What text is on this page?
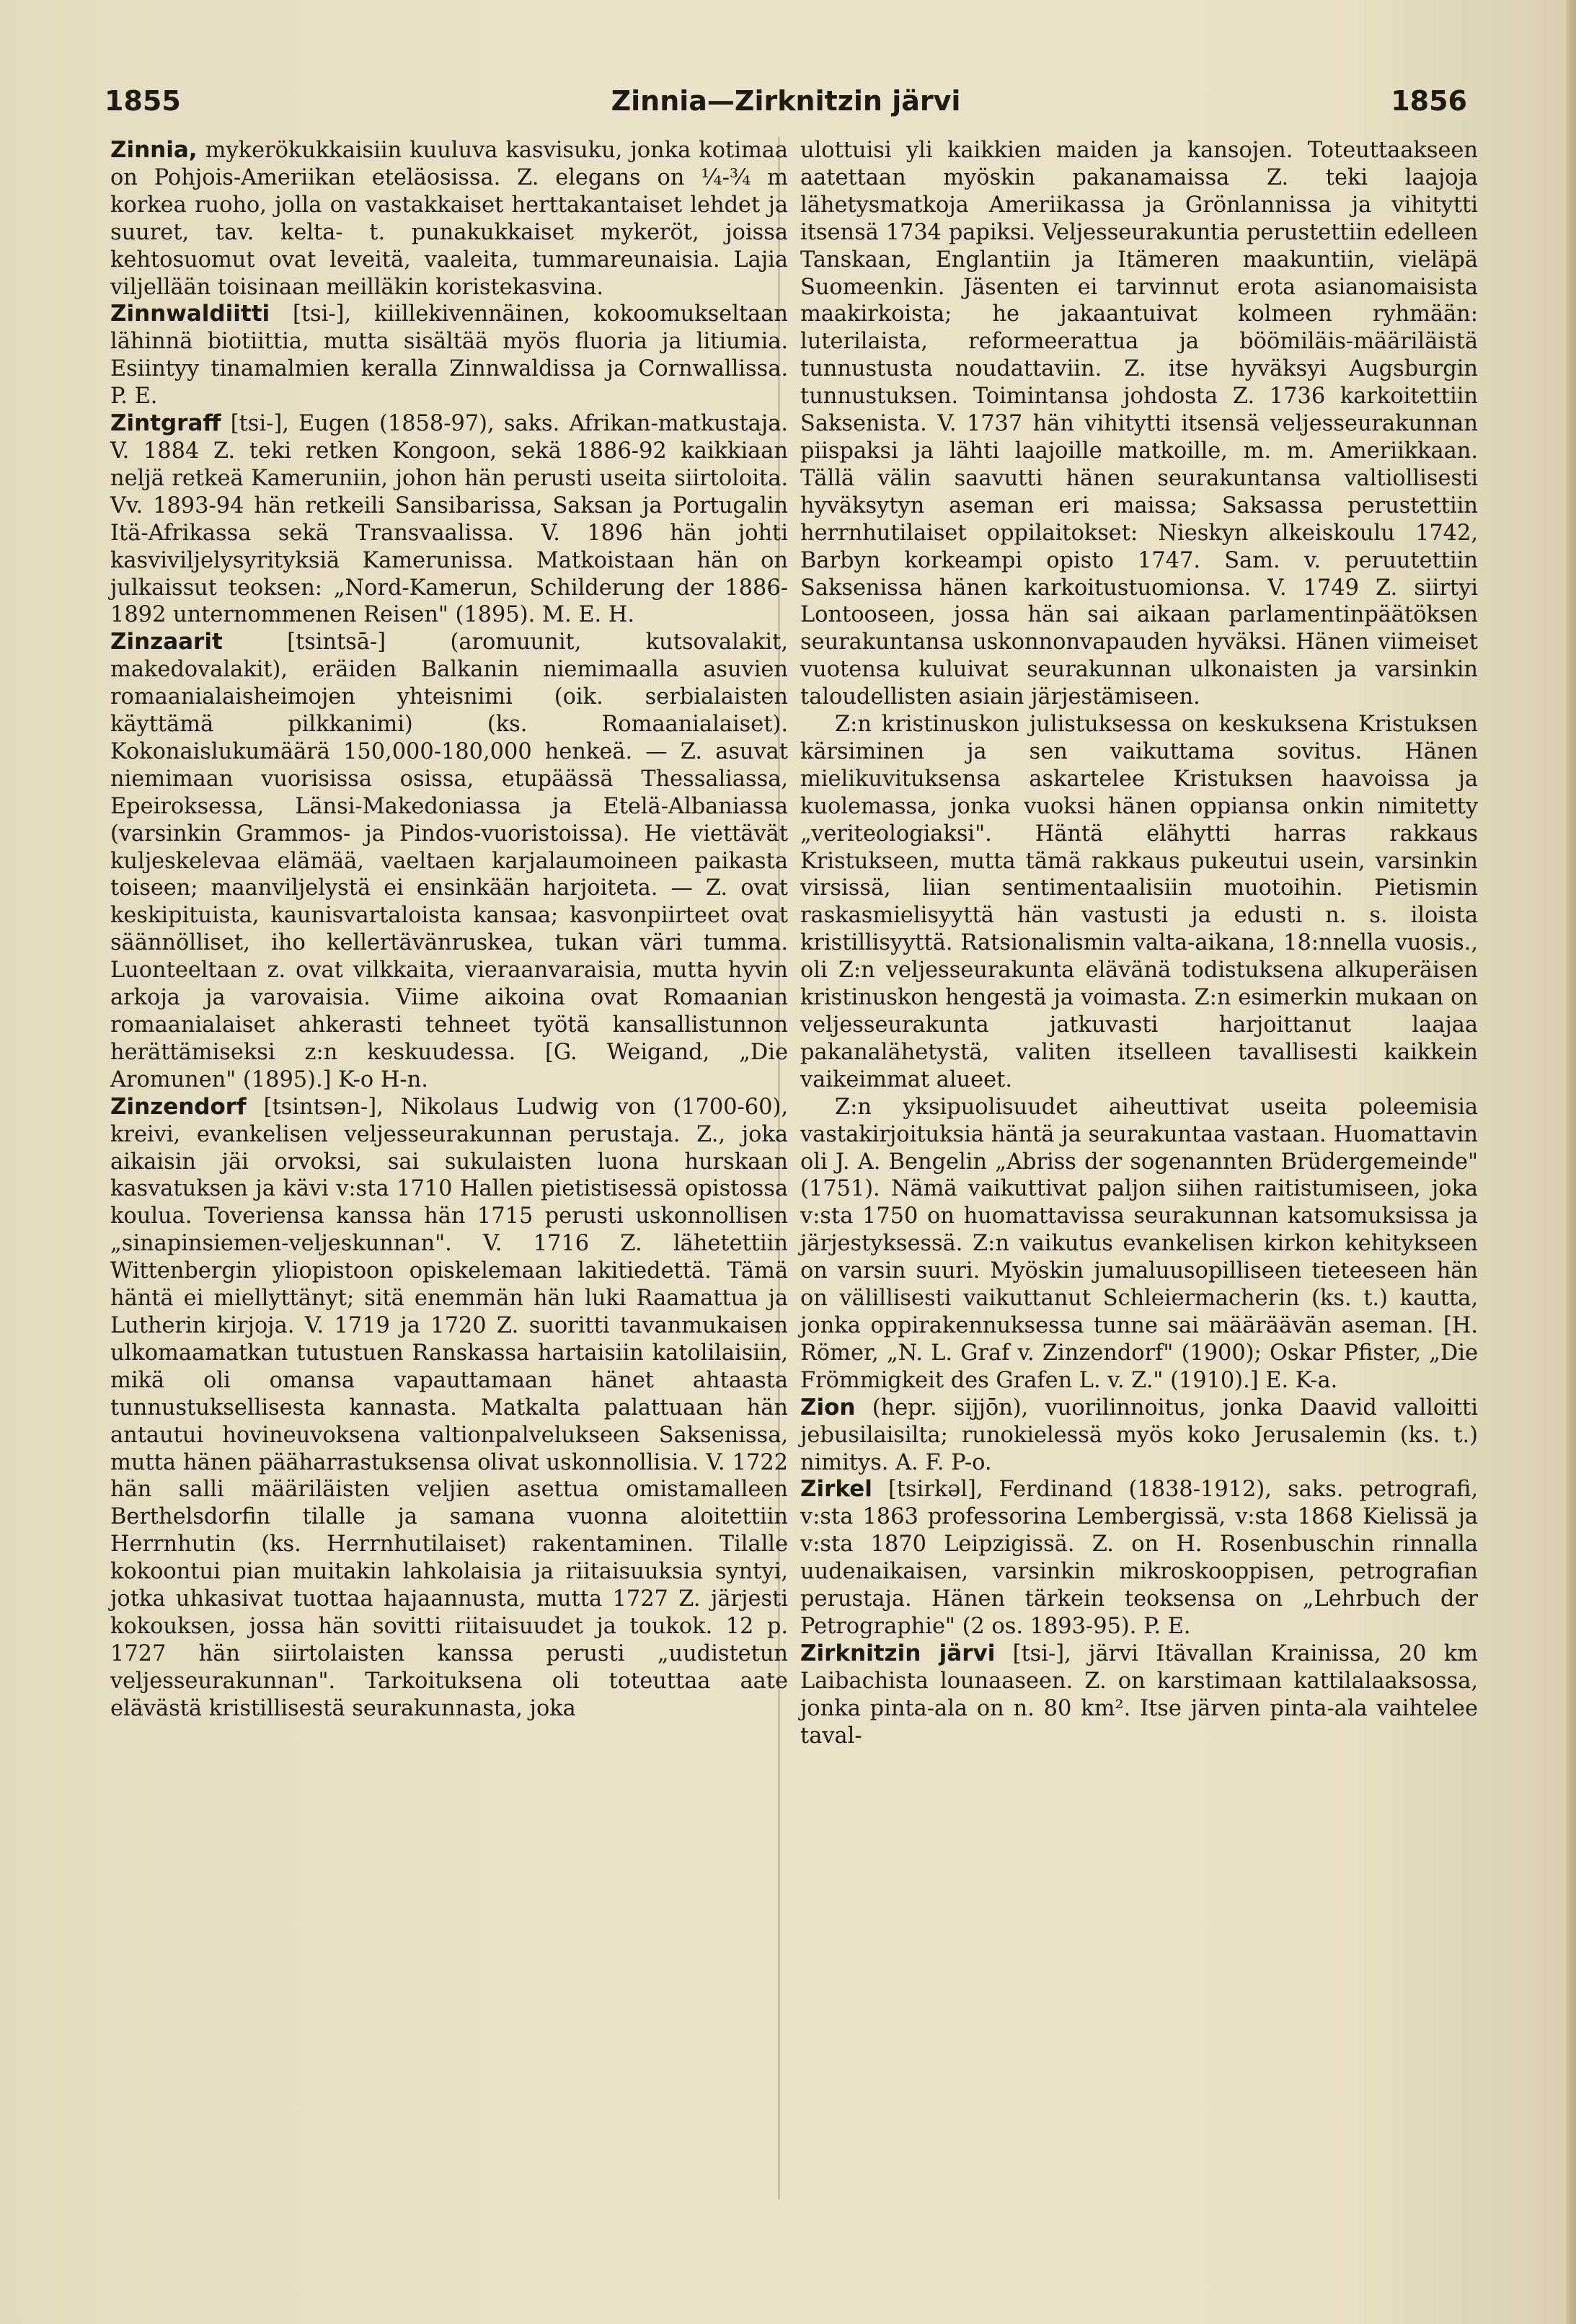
1855	Zinnia—Zirknitzin järvi	1856

Zinnia, mykerökukkaisiin kuuluva kasvisuku, jonka kotimaa on Pohjois-Ameriikan eteläosissa. Z. elegans on ¼-¾ m korkea ruoho, jolla on vastakkaiset herttakantaiset lehdet ja suuret, tav. kelta- t. punakukkaiset mykeröt, joissa kehtosuomut ovat leveitä, vaaleita, tummareunaisia. Lajia viljellään toisinaan meilläkin koristekasvina.

Zinnwaldiitti [tsi-], kiillekivennäinen, kokoomukseltaan lähinnä biotiittia, mutta sisältää myös fluoria ja litiumia. Esiintyy tinamalmien keralla Zinnwaldissa ja Cornwallissa. P. E.

Zintgraff [tsi-], Eugen (1858-97), saks. Afrikan-matkustaja. V. 1884 Z. teki retken Kongoon, sekä 1886-92 kaikkiaan neljä retkeä Kameruniin, johon hän perusti useita siirtoloita. Vv. 1893-94 hän retkeili Sansibarissa, Saksan ja Portugalin Itä-Afrikassa sekä Transvaalissa. V. 1896 hän johti kasviviljelysyrityksiä Kamerunissa. Matkoistaan hän on julkaissut teoksen: „Nord-Kamerun, Schilderung der 1886-1892 unternommenen Reisen" (1895). M. E. H.

Zinzaarit	[tsintsā-] (aromuunit, kutsovalakit, makedovalakit), eräiden Balkanin niemimaalla asuvien romaanialaisheimojen yhteisnimi (oik. serbialaisten käyttämä pilkkanimi) (ks. Romaanialaiset). Kokonaislukumäärä 150,000-180,000 henkeä. — Z. asuvat niemimaan vuorisissa osissa, etupäässä Thessaliassa, Epeiroksessa, Länsi-Makedoniassa ja Etelä-Albaniassa (varsinkin Grammos- ja Pindos-vuoristoissa). He viettävät kuljeskelevaa elämää, vaeltaen karjalaumoineen paikasta toiseen; maanviljelystä ei ensinkään harjoiteta. — Z. ovat keskipituista, kaunisvartaloista kansaa; kasvonpiirteet ovat säännölliset, iho kellertävänruskea, tukan väri tumma. Luonteeltaan z. ovat vilkkaita, vieraanvaraisia, mutta hyvin arkoja ja varovaisia. Viime aikoina ovat Romaanian romaanialaiset ahkerasti tehneet työtä kansallistunnon herättämiseksi z:n keskuudessa. [G. Weigand, „Die Aromunen" (1895).] K-o H-n.

Zinzendorf [tsintsən-], Nikolaus Ludwig von (1700-60), kreivi, evankelisen veljesseurakunnan perustaja. Z., joka aikaisin jäi orvoksi, sai sukulaisten luona hurskaan kasvatuksen ja kävi v:sta 1710 Hallen pietistisessä opistossa koulua. Toveriensa kanssa hän 1715 perusti uskonnollisen „sinapinsiemen-veljeskunnan". V. 1716 Z. lähetettiin Wittenbergin yliopistoon opiskelemaan lakitiedettä. Tämä häntä ei miellyttänyt; sitä enemmän hän luki Raamattua ja Lutherin kirjoja. V. 1719 ja 1720 Z. suoritti tavanmukaisen ulkomaamatkan tutustuen Ranskassa hartaisiin katolilaisiin, mikä oli omansa vapauttamaan hänet ahtaasta tunnustuksellisesta kannasta. Matkalta palattuaan hän antautui hovineuvoksena valtionpalvelukseen Saksenissa, mutta hänen pääharrastuksensa olivat uskonnollisia. V. 1722 hän salli määriläisten veljien asettua omistamalleen Berthelsdorfin tilalle ja samana vuonna aloitettiin Herrnhutin (ks. Herrnhutilaiset) rakentaminen. Tilalle kokoontui pian muitakin lahkolaisia ja riitaisuuksia syntyi, jotka uhkasivat tuottaa hajaannusta, mutta 1727 Z. järjesti kokouksen, jossa hän sovitti riitaisuudet ja toukok. 12 p. 1727 hän siirtolaisten kanssa perusti „uudistetun veljesseurakunnan". Tarkoituksena oli toteuttaa aate elävästä kristillisestä seurakunnasta, joka

ulottuisi yli kaikkien maiden ja kansojen. Toteuttaakseen aatettaan myöskin pakanamaissa Z. teki laajoja lähetysmatkoja Ameriikassa ja Grönlannissa ja vihitytti itsensä 1734 papiksi. Veljesseurakuntia perustettiin edelleen Tanskaan, Englantiin ja Itämeren maakuntiin, vieläpä Suomeenkin. Jäsenten ei tarvinnut erota asianomaisista maakirkoista; he jakaantuivat kolmeen ryhmään: luterilaista, reformeerattua ja böömiläis-määriläistä tunnustusta noudattaviin. Z. itse hyväksyi Augsburgin tunnustuksen. Toimintansa johdosta Z. 1736 karkoitettiin Saksenista. V. 1737 hän vihitytti itsensä veljesseurakunnan piispaksi ja lähti laajoille matkoille, m. m. Ameriikkaan. Tällä välin saavutti hänen seurakuntansa valtiollisesti hyväksytyn aseman eri maissa; Saksassa perustettiin herrnhutilaiset oppilaitokset: Nieskyn alkeiskoulu 1742, Barbyn korkeampi opisto 1747. Sam. v. peruutettiin Saksenissa hänen karkoitustuomionsa. V. 1749 Z. siirtyi Lontooseen, jossa hän sai aikaan parlamentinpäätöksen seurakuntansa uskonnonvapauden hyväksi. Hänen viimeiset vuotensa kuluivat seurakunnan ulkonaisten ja varsinkin taloudellisten asiain järjestämiseen.

Z:n kristinuskon julistuksessa on keskuksena Kristuksen kärsiminen ja sen vaikuttama sovitus. Hänen mielikuvituksensa askartelee Kristuksen haavoissa ja kuolemassa, jonka vuoksi hänen oppiansa onkin nimitetty „veriteologiaksi". Häntä elähytti harras rakkaus Kristukseen, mutta tämä rakkaus pukeutui usein, varsinkin virsissä, liian sentimentaalisiin muotoihin. Pietismin raskasmielisyyttä hän vastusti ja edusti n. s. iloista kristillisyyttä. Ratsionalismin valta-aikana, 18:nnella vuosis., oli Z:n veljesseurakunta elävänä todistuksena alkuperäisen kristinuskon hengestä ja voimasta. Z:n esimerkin mukaan on veljesseurakunta jatkuvasti harjoittanut laajaa pakanalähetystä, valiten itselleen tavallisesti kaikkein vaikeimmat alueet.

Z:n yksipuolisuudet aiheuttivat useita poleemisia vastakirjoituksia häntä ja seurakuntaa vastaan. Huomattavin oli J. A. Bengelin „Abriss der sogenannten Brüdergemeinde" (1751). Nämä vaikuttivat paljon siihen raitistumiseen, joka v:sta 1750 on huomattavissa seurakunnan katsomuksissa ja järjestyksessä. Z:n vaikutus evankelisen kirkon kehitykseen on varsin suuri. Myöskin jumaluusopilliseen tieteeseen hän on välillisesti vaikuttanut Schleiermacherin (ks. t.) kautta, jonka oppirakennuksessa tunne sai määräävän aseman. [H. Römer, „N. L. Graf v. Zinzendorf" (1900); Oskar Pfister, „Die Frömmigkeit des Grafen L. v. Z." (1910).] E. K-a.

Zion (hepr. sijjōn), vuorilinnoitus, jonka Daavid valloitti jebusilaisilta; runokielessä myös koko Jerusalemin (ks. t.) nimitys. A. F. P-o.

Zirkel [tsirkəl], Ferdinand (1838-1912), saks. petrografi, v:sta 1863 professorina Lembergissä, v:sta 1868 Kielissä ja v:sta 1870 Leipzigissä. Z. on H. Rosenbuschin rinnalla uudenaikaisen, varsinkin mikroskooppisen, petrografian perustaja. Hänen tärkein teoksensa on „Lehrbuch der Petrographie" (2 os. 1893-95). P. E.

Zirknitzin järvi [tsi-], järvi Itävallan Krainissa, 20 km Laibachista lounaaseen. Z. on karstimaan kattilalaaksossa, jonka pinta-ala on n. 80 km². Itse järven pinta-ala vaihtelee taval-
